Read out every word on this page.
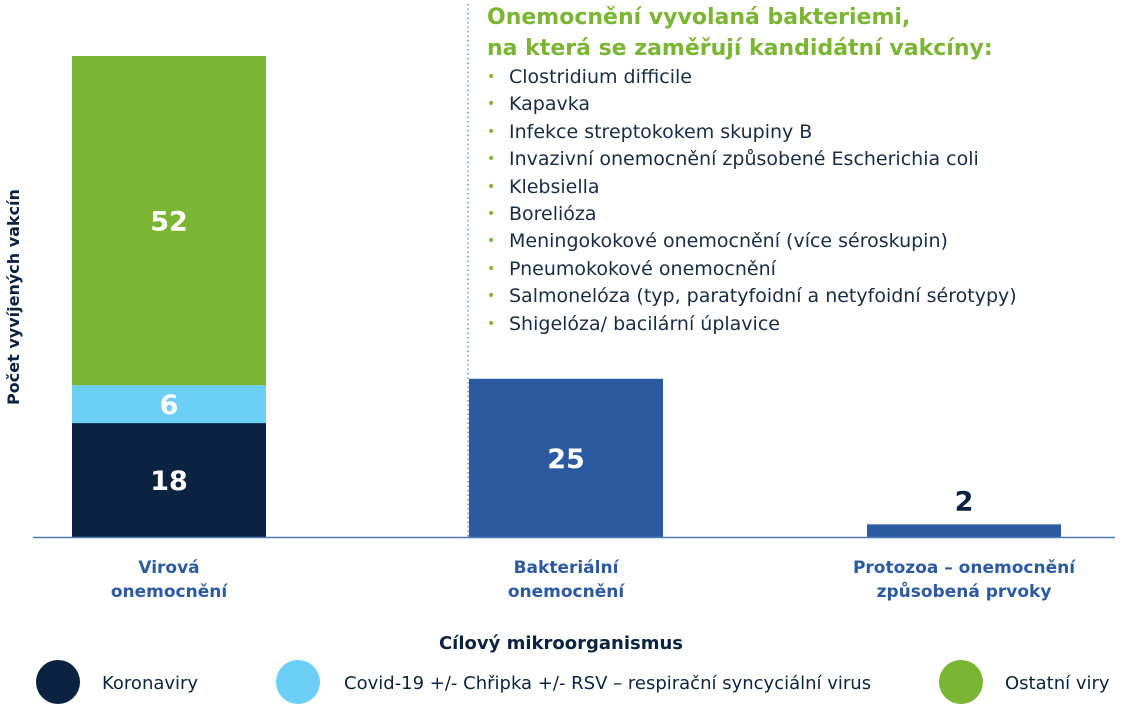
18
6
52
25
2
Virová
onemocnění
Bakteriální
onemocnění
Protozoa – onemocnění
způsobená prvoky
Počet vyvíjených vakcín
Cílový mikroorganismus
Koronaviry	Covid-19 +/- Chřipka +/- RSV – respirační syncyciální virus	Ostatní viry

Onemocnění vyvolaná bakteriemi,
na která se zaměřují kandidátní vakcíny:

• Clostridium difficile
• Kapavka
• Infekce streptokokem skupiny B
• Invazivní onemocnění způsobené Escherichia coli
• Klebsiella
• Borelióza
• Meningokokové onemocnění (více séroskupin)
• Pneumokokové onemocnění
• Salmonelóza (typ, paratyfoidní a netyfoidní sérotypy)
• Shigelóza/ bacilární úplavice
